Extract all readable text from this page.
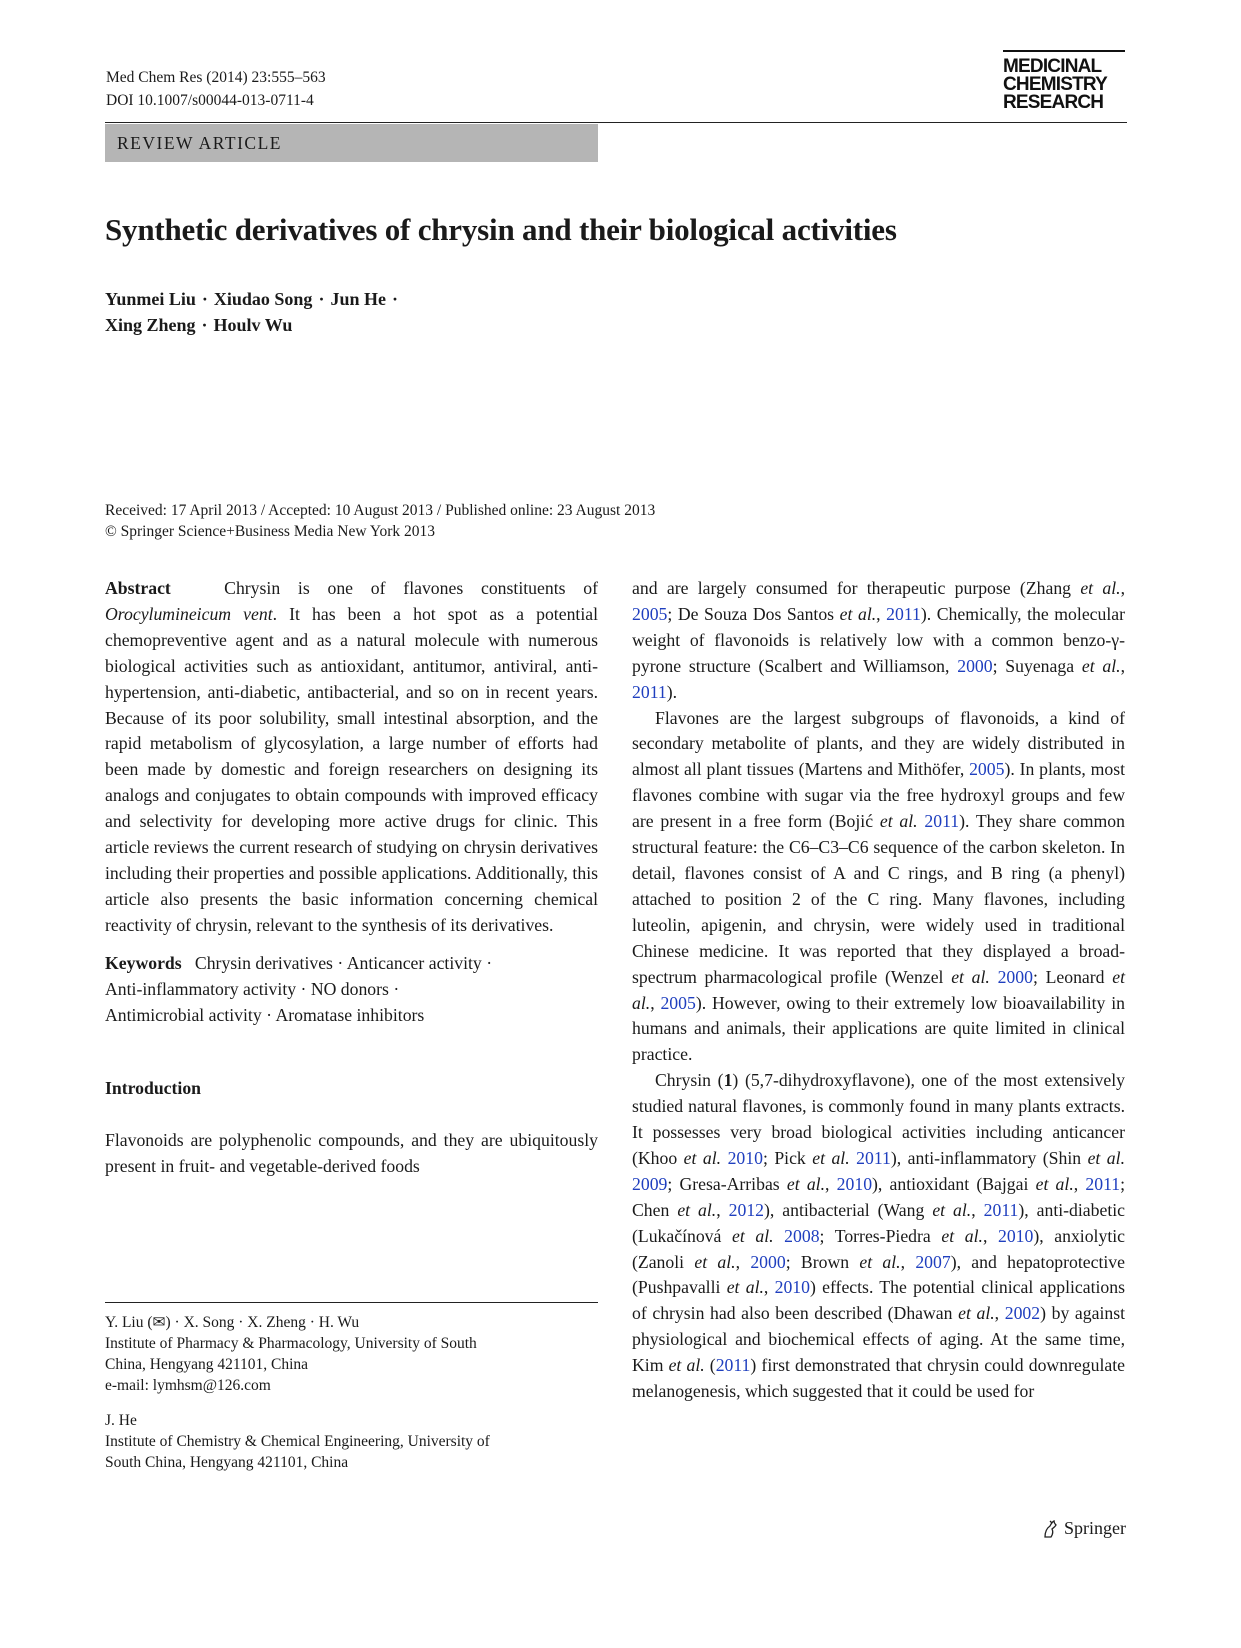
Med Chem Res (2014) 23:555–563
DOI 10.1007/s00044-013-0711-4
MEDICINAL
CHEMISTRY
RESEARCH
REVIEW ARTICLE
Synthetic derivatives of chrysin and their biological activities
Yunmei Liu · Xiudao Song · Jun He ·
Xing Zheng · Houlv Wu
Received: 17 April 2013 / Accepted: 10 August 2013 / Published online: 23 August 2013
© Springer Science+Business Media New York 2013

Abstract	Chrysin is one of flavones constituents of Orocylumineicum vent. It has been a hot spot as a potential chemopreventive agent and as a natural molecule with numerous biological activities such as antioxidant, antitumor, antiviral, anti-hypertension, anti-diabetic, antibacterial, and so on in recent years. Because of its poor solubility, small intestinal absorption, and the rapid metabolism of glycosylation, a large number of efforts had been made by domestic and foreign researchers on designing its analogs and conjugates to obtain compounds with improved efficacy and selectivity for developing more active drugs for clinic. This article reviews the current research of studying on chrysin derivatives including their properties and possible applications. Additionally, this article also presents the basic information concerning chemical reactivity of chrysin, relevant to the synthesis of its derivatives.

Keywords Chrysin derivatives · Anticancer activity ·
Anti-inflammatory activity · NO donors ·
Antimicrobial activity · Aromatase inhibitors

Introduction

Flavonoids are polyphenolic compounds, and they are ubiquitously present in fruit- and vegetable-derived foods

Y. Liu (✉) · X. Song · X. Zheng · H. Wu
Institute of Pharmacy & Pharmacology, University of South
China, Hengyang 421101, China
e-mail: lymhsm@126.com
J. He
Institute of Chemistry & Chemical Engineering, University of
South China, Hengyang 421101, China

and are largely consumed for therapeutic purpose (Zhang et al., 2005; De Souza Dos Santos et al., 2011). Chemically, the molecular weight of flavonoids is relatively low with a common benzo-γ-pyrone structure (Scalbert and Williamson, 2000; Suyenaga et al., 2011).

Flavones are the largest subgroups of flavonoids, a kind of secondary metabolite of plants, and they are widely distributed in almost all plant tissues (Martens and Mithöfer, 2005). In plants, most flavones combine with sugar via the free hydroxyl groups and few are present in a free form (Bojić et al. 2011). They share common structural feature: the C6–C3–C6 sequence of the carbon skeleton. In detail, flavones consist of A and C rings, and B ring (a phenyl) attached to position 2 of the C ring. Many flavones, including luteolin, apigenin, and chrysin, were widely used in traditional Chinese medicine. It was reported that they displayed a broad-spectrum pharmacological profile (Wenzel et al. 2000; Leonard et al., 2005). However, owing to their extremely low bioavailability in humans and animals, their applications are quite limited in clinical practice.

Chrysin (1) (5,7-dihydroxyflavone), one of the most extensively studied natural flavones, is commonly found in many plants extracts. It possesses very broad biological activities including anticancer (Khoo et al. 2010; Pick et al. 2011), anti-inflammatory (Shin et al. 2009; Gresa-Arribas et al., 2010), antioxidant (Bajgai et al., 2011; Chen et al., 2012), antibacterial (Wang et al., 2011), anti-diabetic (Lukačínová et al. 2008; Torres-Piedra et al., 2010), anxiolytic (Zanoli et al., 2000; Brown et al., 2007), and hepatoprotective (Pushpavalli et al., 2010) effects. The potential clinical applications of chrysin had also been described (Dhawan et al., 2002) by against physiological and biochemical effects of aging. At the same time, Kim et al. (2011) first demonstrated that chrysin could downregulate melanogenesis, which suggested that it could be used for

Springer
